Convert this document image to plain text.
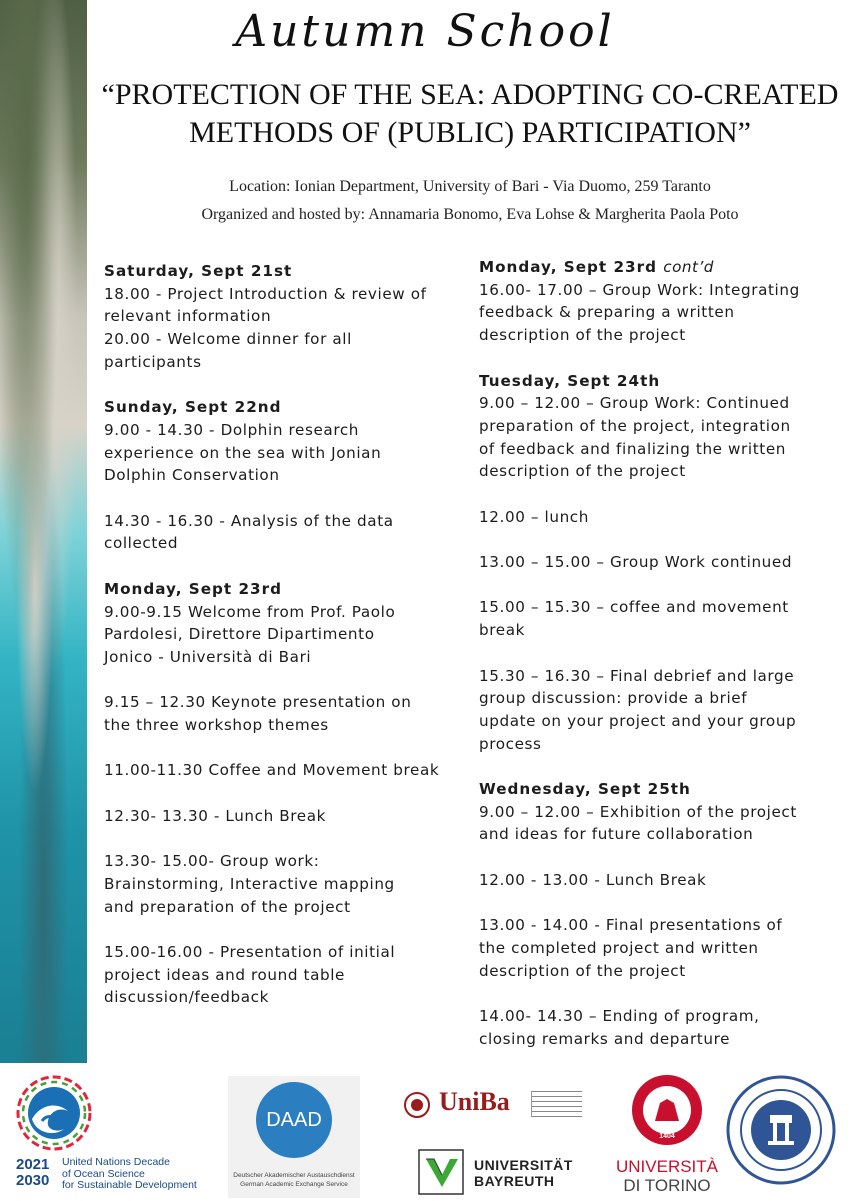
Autumn School
“PROTECTION OF THE SEA: ADOPTING CO-CREATED
METHODS OF (PUBLIC) PARTICIPATION”
Location: Ionian Department, University of Bari - Via Duomo, 259 Taranto
Organized and hosted by: Annamaria Bonomo, Eva Lohse & Margherita Paola Poto

Saturday, Sept 21st

18.00 - Project Introduction & review of

relevant information

20.00 - Welcome dinner for all

participants

Sunday, Sept 22nd

9.00 - 14.30 - Dolphin research

experience on the sea with Jonian

Dolphin Conservation

14.30 - 16.30 - Analysis of the data

collected

Monday, Sept 23rd

9.00-9.15 Welcome from Prof. Paolo

Pardolesi, Direttore Dipartimento

Jonico - Università di Bari

9.15 – 12.30 Keynote presentation on

the three workshop themes

11.00-11.30 Coffee and Movement break

12.30- 13.30 - Lunch Break

13.30- 15.00- Group work:

Brainstorming, Interactive mapping

and preparation of the project

15.00-16.00 - Presentation of initial

project ideas and round table

discussion/feedback

Monday, Sept 23rd cont’d

16.00- 17.00 – Group Work: Integrating

feedback & preparing a written

description of the project

Tuesday, Sept 24th

9.00 – 12.00 – Group Work: Continued

preparation of the project, integration

of feedback and finalizing the written

description of the project

12.00 – lunch

13.00 – 15.00 – Group Work continued

15.00 – 15.30 – coffee and movement

break

15.30 – 16.30 – Final debrief and large

group discussion: provide a brief

update on your project and your group

process

Wednesday, Sept 25th

9.00 – 12.00 – Exhibition of the project

and ideas for future collaboration

12.00 - 13.00 - Lunch Break

13.00 - 14.00 - Final presentations of

the completed project and written

description of the project

14.00- 14.30 – Ending of program,

closing remarks and departure

2021
2030
United Nations Decade
of Ocean Science
for Sustainable Development
DAAD
Deutscher Akademischer Austauschdienst
German Academic Exchange Service
UniBa
UNIVERSITÄT
BAYREUTH
1404
UNIVERSITÀ
DI TORINO
